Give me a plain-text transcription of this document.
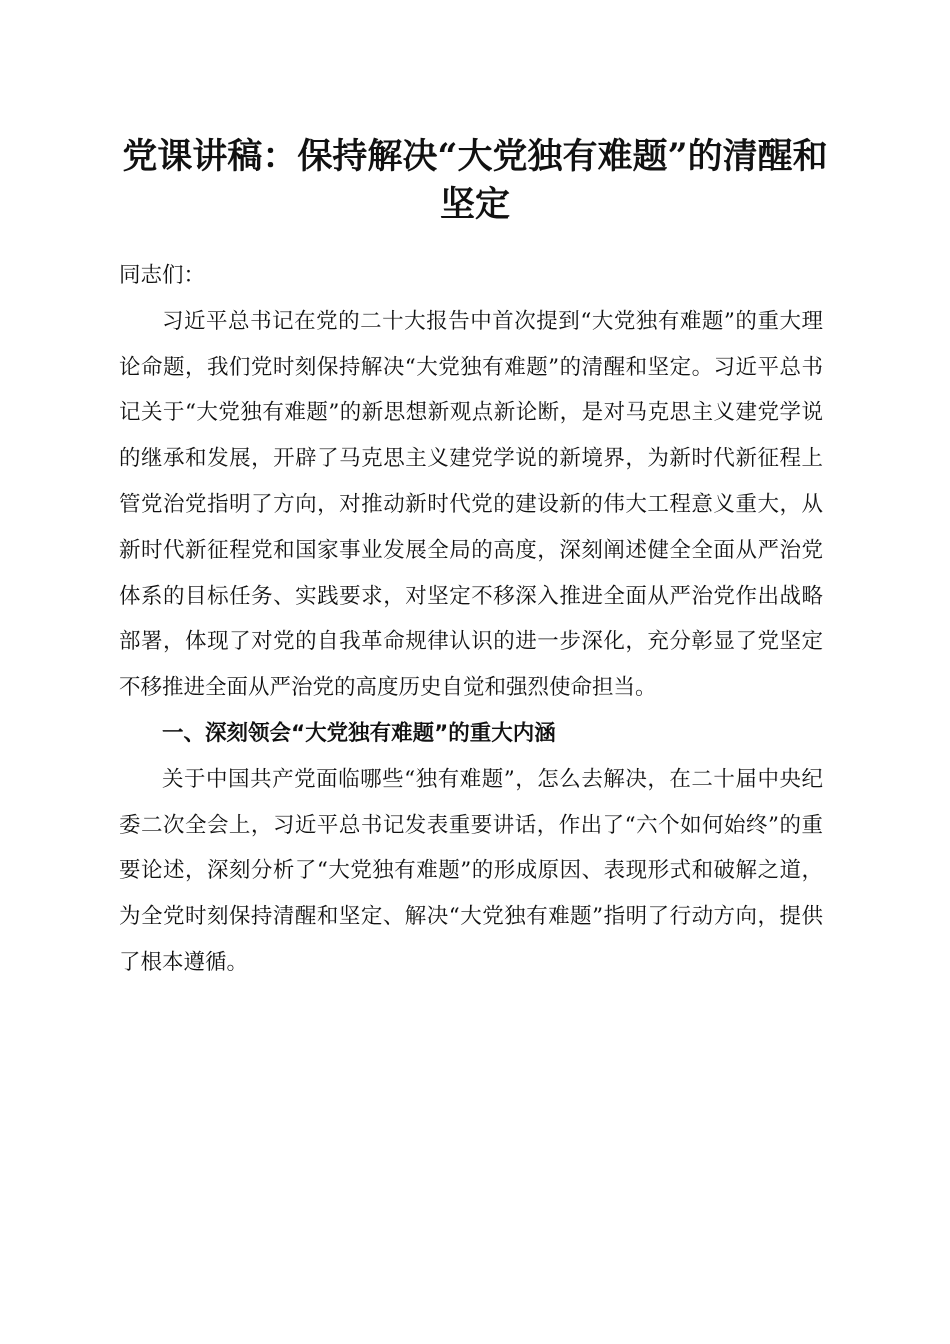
党课讲稿：保持解决“大党独有难题”的清醒和坚定

同志们：

习近平总书记在党的二十大报告中首次提到“大党独有难题”的重大理论命题，我们党时刻保持解决“大党独有难题”的清醒和坚定。习近平总书记关于“大党独有难题”的新思想新观点新论断，是对马克思主义建党学说的继承和发展，开辟了马克思主义建党学说的新境界，为新时代新征程上管党治党指明了方向，对推动新时代党的建设新的伟大工程意义重大，从新时代新征程党和国家事业发展全局的高度，深刻阐述健全全面从严治党体系的目标任务、实践要求，对坚定不移深入推进全面从严治党作出战略部署，体现了对党的自我革命规律认识的进一步深化，充分彰显了党坚定不移推进全面从严治党的高度历史自觉和强烈使命担当。

一、深刻领会“大党独有难题”的重大内涵

关于中国共产党面临哪些“独有难题”，怎么去解决，在二十届中央纪委二次全会上，习近平总书记发表重要讲话，作出了“六个如何始终”的重要论述，深刻分析了“大党独有难题”的形成原因、表现形式和破解之道，为全党时刻保持清醒和坚定、解决“大党独有难题”指明了行动方向，提供了根本遵循。
